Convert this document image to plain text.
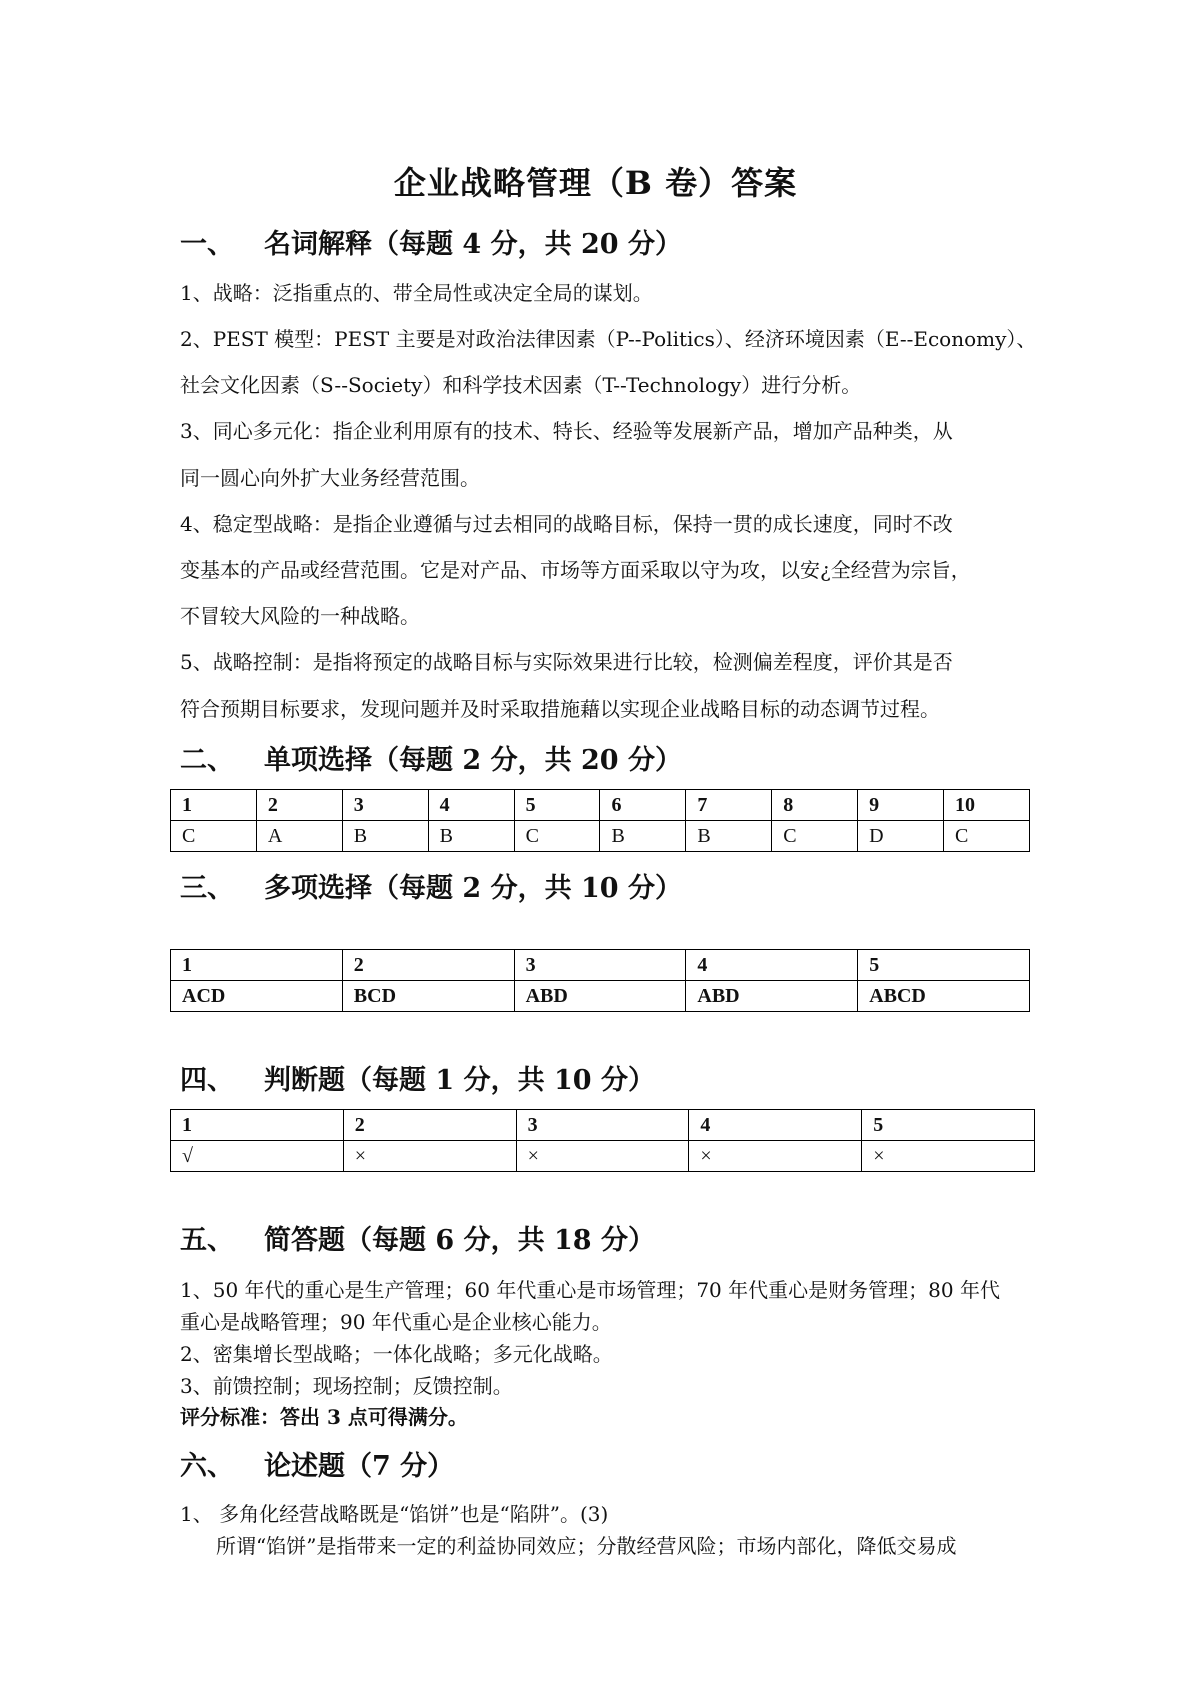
企业战略管理（B 卷）答案
一、 名词解释（每题 4 分，共 20 分）
1、战略：泛指重点的、带全局性或决定全局的谋划。
2、PEST 模型：PEST 主要是对政治法律因素（P--Politics）、经济环境因素（E--Economy）、
社会文化因素（S--Society）和科学技术因素（T--Technology）进行分析。
3、同心多元化：指企业利用原有的技术、特长、经验等发展新产品，增加产品种类，从
同一圆心向外扩大业务经营范围。
4、稳定型战略：是指企业遵循与过去相同的战略目标，保持一贯的成长速度，同时不改
变基本的产品或经营范围。它是对产品、市场等方面采取以守为攻，以安¿全经营为宗旨，
不冒较大风险的一种战略。
5、战略控制：是指将预定的战略目标与实际效果进行比较，检测偏差程度，评价其是否
符合预期目标要求，发现问题并及时采取措施藉以实现企业战略目标的动态调节过程。
二、 单项选择（每题 2 分，共 20 分）
1	2	3	4	5	6	7	8	9	10
C	A	B	B	C	B	B	C	D	C
三、 多项选择（每题 2 分，共 10 分）
1	2	3	4	5
ACD	BCD	ABD	ABD	ABCD
四、 判断题（每题 1 分，共 10 分）
1	2	3	4	5
√	×	×	×	×
五、 简答题（每题 6 分，共 18 分）
1、50 年代的重心是生产管理；60 年代重心是市场管理；70 年代重心是财务管理；80 年代
重心是战略管理；90 年代重心是企业核心能力。
2、密集增长型战略；一体化战略；多元化战略。
3、前馈控制；现场控制；反馈控制。
评分标准：答出 3 点可得满分。
六、 论述题（7 分）
1、 多角化经营战略既是“馅饼”也是“陷阱”。(3)
所谓“馅饼”是指带来一定的利益协同效应；分散经营风险；市场内部化，降低交易成
